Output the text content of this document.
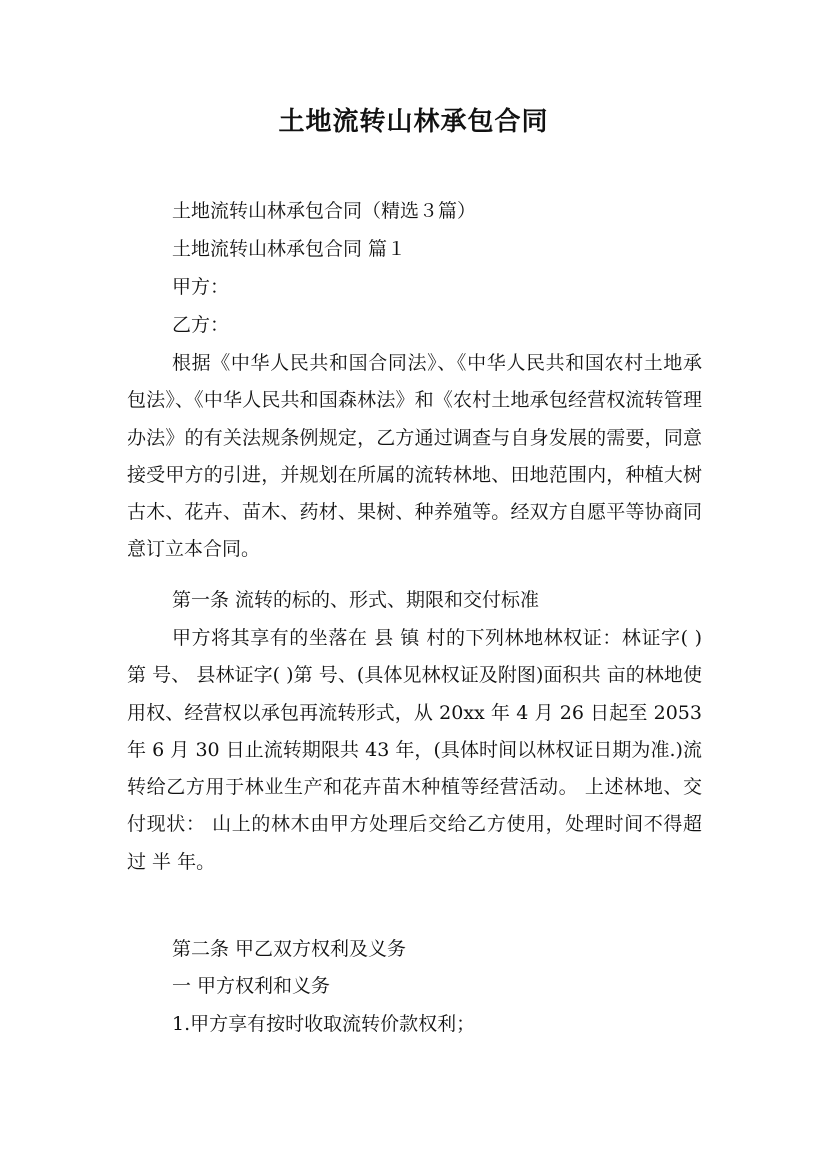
土地流转山林承包合同
土地流转山林承包合同（精选３篇）
土地流转山林承包合同 篇１
甲方：
乙方：
根据《中华人民共和国合同法》、《中华人民共和国农村土地承包法》、《中华人民共和国森林法》和《农村土地承包经营权流转管理办法》的有关法规条例规定，乙方通过调查与自身发展的需要，同意接受甲方的引进，并规划在所属的流转林地、田地范围内，种植大树古木、花卉、苗木、药材、果树、种养殖等。经双方自愿平等协商同意订立本合同。
第一条 流转的标的、形式、期限和交付标准
甲方将其享有的坐落在 县 镇 村的下列林地林权证：林证字( )第 号、 县林证字( )第 号、(具体见林权证及附图)面积共 亩的林地使用权、经营权以承包再流转形式，从 20xx 年 4 月 26 日起至 2053 年 6 月 30 日止流转期限共 43 年，(具体时间以林权证日期为准.)流转给乙方用于林业生产和花卉苗木种植等经营活动。 上述林地、交付现状： 山上的林木由甲方处理后交给乙方使用，处理时间不得超过 半 年。
第二条 甲乙双方权利及义务
一 甲方权利和义务
1.甲方享有按时收取流转价款权利；
